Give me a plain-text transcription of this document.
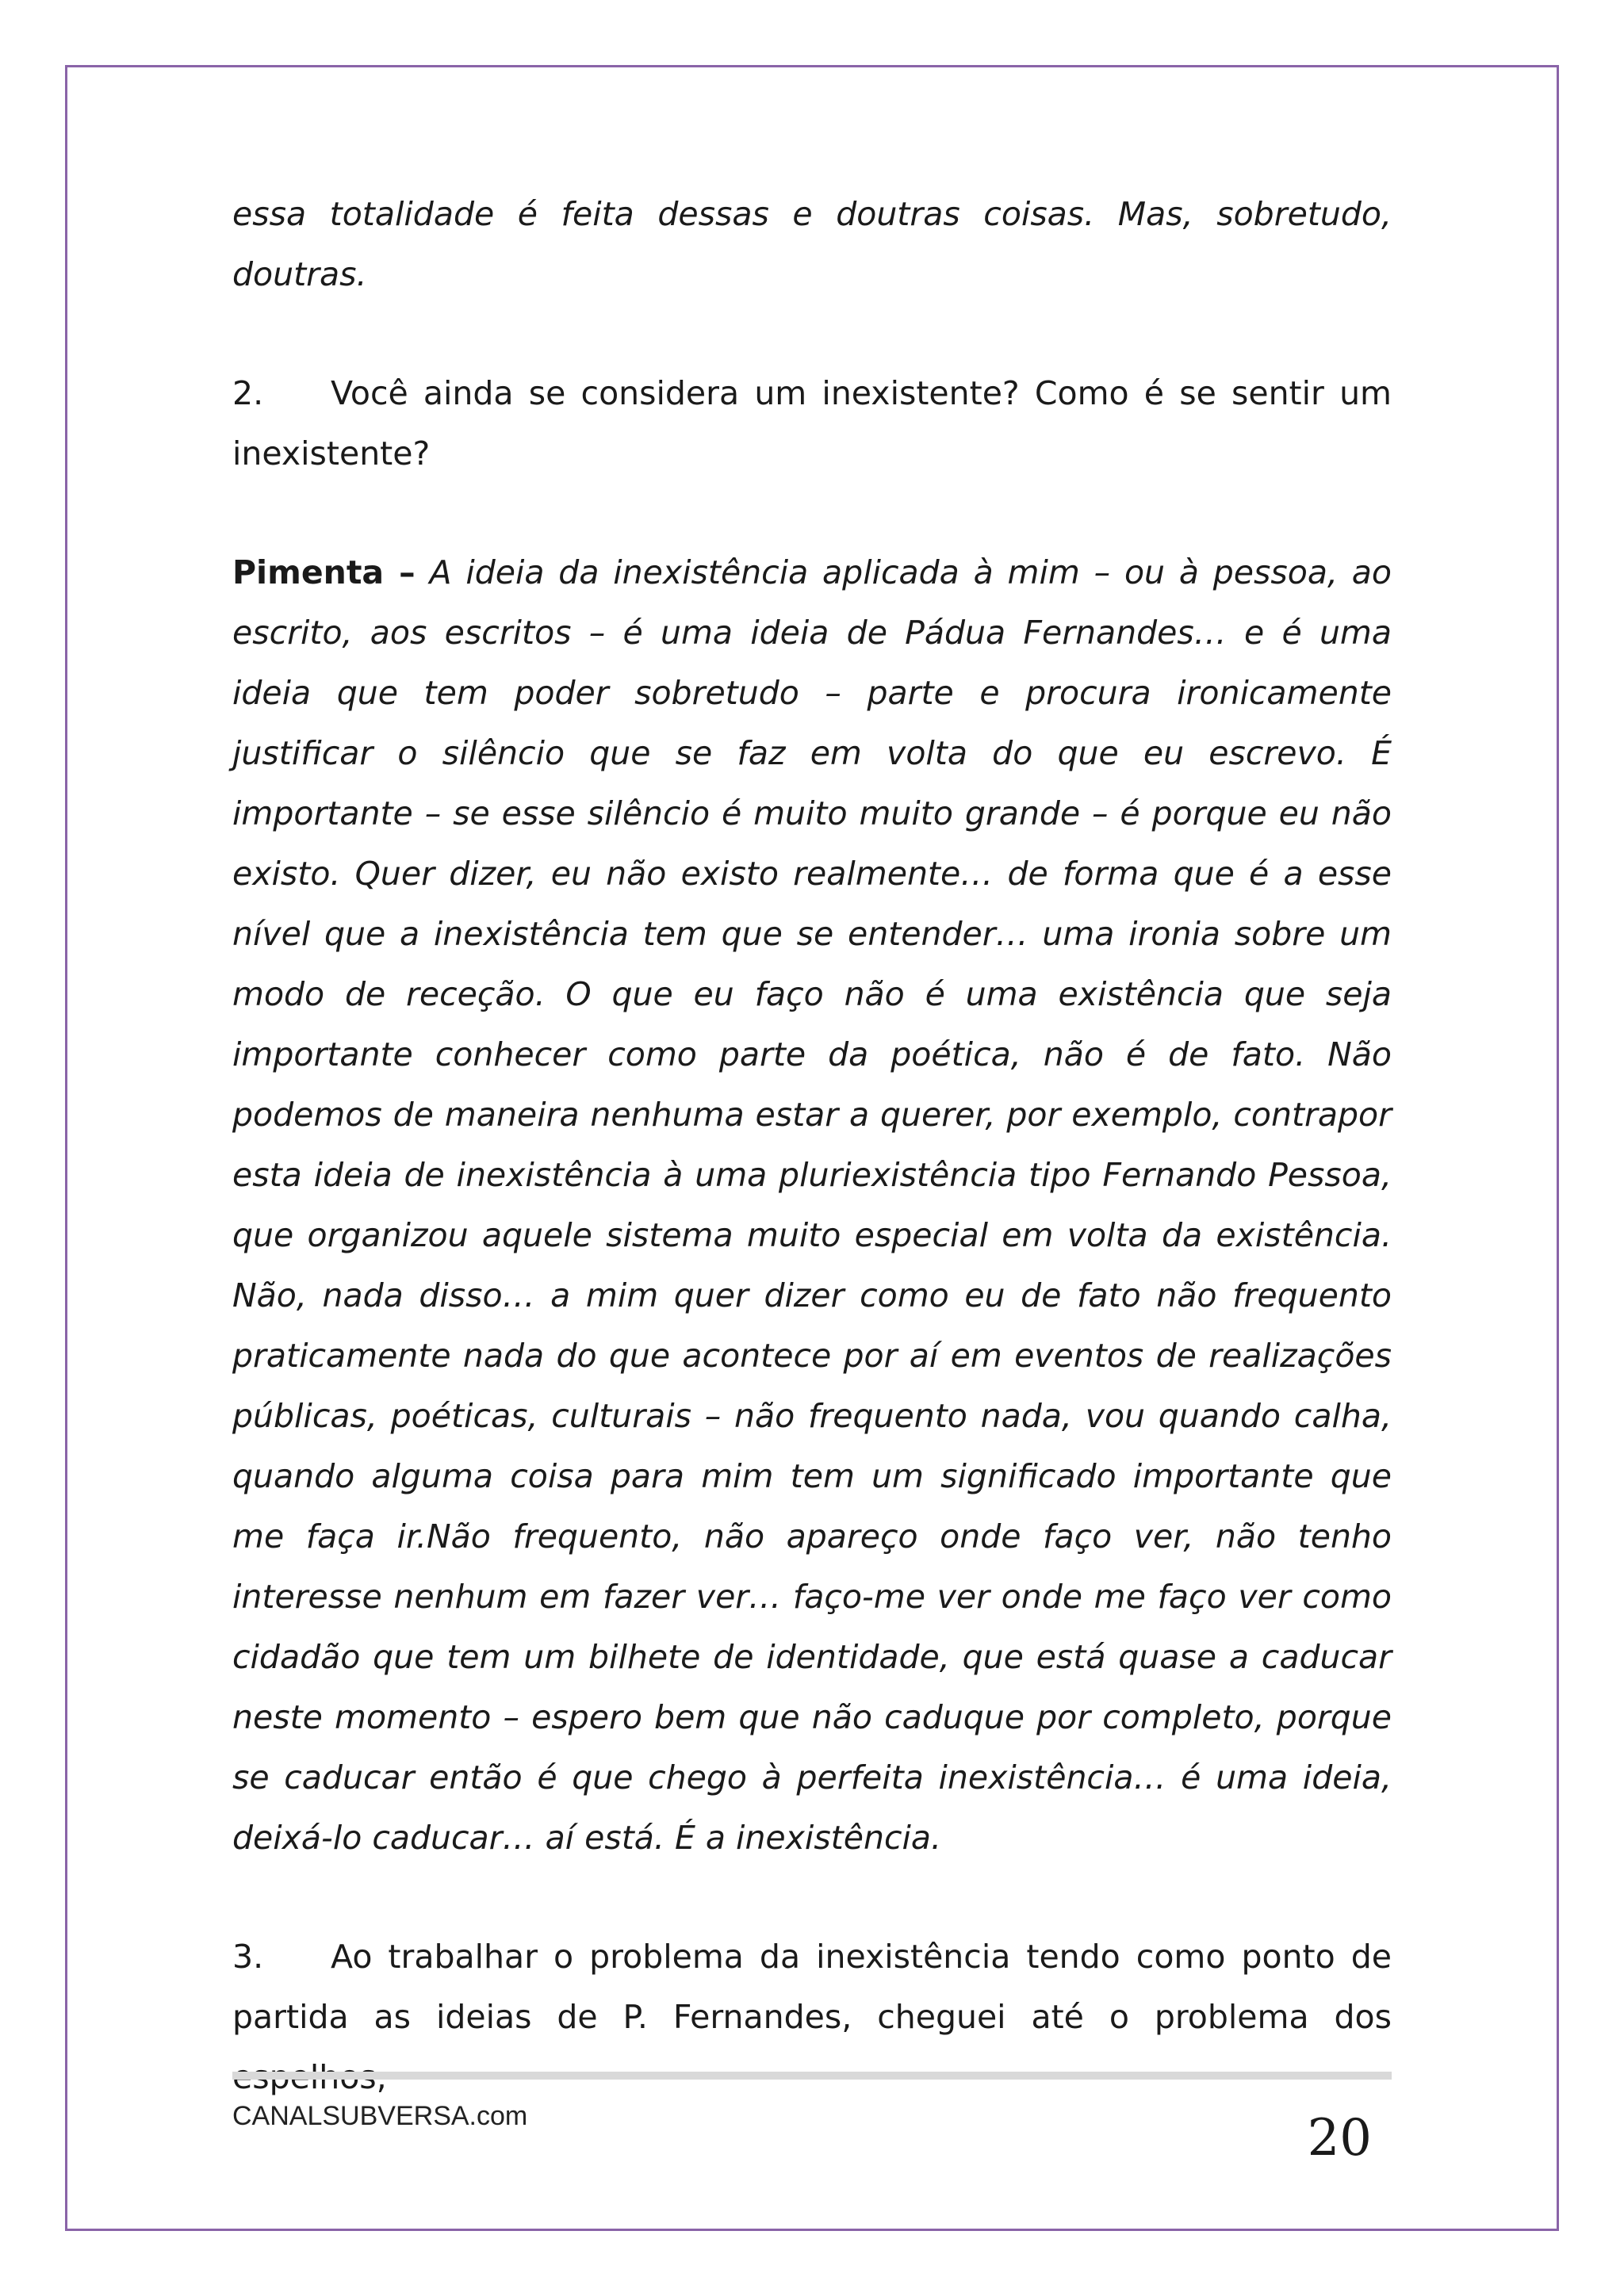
essa totalidade é feita dessas e doutras coisas. Mas, sobretudo, doutras.

2. Você ainda se considera um inexistente? Como é se sentir um inexistente?

Pimenta – A ideia da inexistência aplicada à mim – ou à pessoa, ao escrito, aos escritos – é uma ideia de Pádua Fernandes… e é uma ideia que tem poder sobretudo – parte e procura ironicamente justificar o silêncio que se faz em volta do que eu escrevo. É importante – se esse silêncio é muito muito grande – é porque eu não existo. Quer dizer, eu não existo realmente… de forma que é a esse nível que a inexistência tem que se entender… uma ironia sobre um modo de receção. O que eu faço não é uma existência que seja importante conhecer como parte da poética, não é de fato. Não podemos de maneira nenhuma estar a querer, por exemplo, contrapor esta ideia de inexistência à uma pluriexistência tipo Fernando Pessoa, que organizou aquele sistema muito especial em volta da existência. Não, nada disso… a mim quer dizer como eu de fato não frequento praticamente nada do que acontece por aí em eventos de realizações públicas, poéticas, culturais – não frequento nada, vou quando calha, quando alguma coisa para mim tem um significado importante que me faça ir.Não frequento, não apareço onde faço ver, não tenho interesse nenhum em fazer ver… faço-me ver onde me faço ver como cidadão que tem um bilhete de identidade, que está quase a caducar neste momento – espero bem que não caduque por completo, porque se caducar então é que chego à perfeita inexistência… é uma ideia, deixá-lo caducar… aí está. É a inexistência.

3. Ao trabalhar o problema da inexistência tendo como ponto de partida as ideias de P. Fernandes, cheguei até o problema dos

CANALSUBVERSA.com	20
